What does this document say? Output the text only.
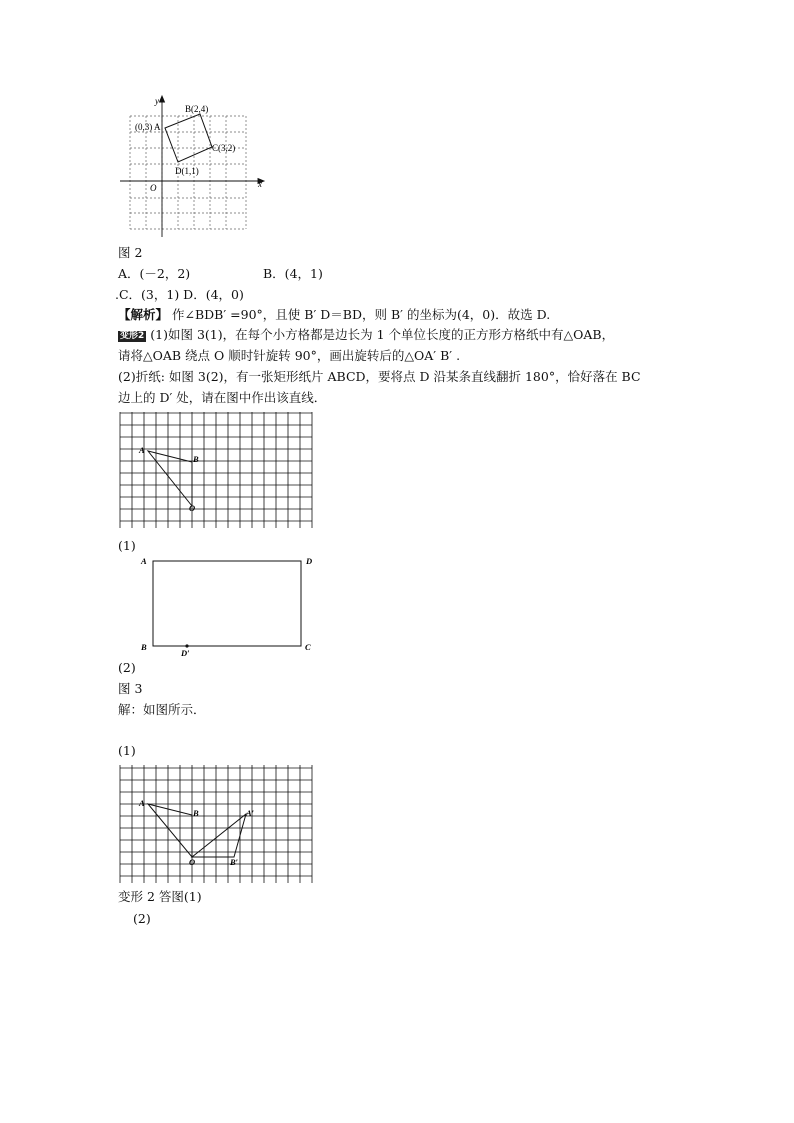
x
y
O
(0,3) A
B(2,4)
C(3,2)
D(1,1)
图 2
A．(－2，2)	B．(4，1)
.C．(3，1) D．(4，0)
【解析】 作∠BDB′ =90°，且使 B′ D＝BD，则 B′ 的坐标为(4，0)．故选 D.
变形2 (1)如图 3(1)，在每个小方格都是边长为 1 个单位长度的正方形方格纸中有△OAB，
请将△OAB 绕点 O 顺时针旋转 90°，画出旋转后的△OA′ B′ .
(2)折纸: 如图 3(2)，有一张矩形纸片 ABCD，要将点 D 沿某条直线翻折 180°，恰好落在 BC
边上的 D′ 处，请在图中作出该直线．
A
B
O
(1)
A	D
B	C
D′
(2)
图 3
解：如图所示．
(1)
A
B
O
A′
B′
变形 2 答图(1)
(2)
